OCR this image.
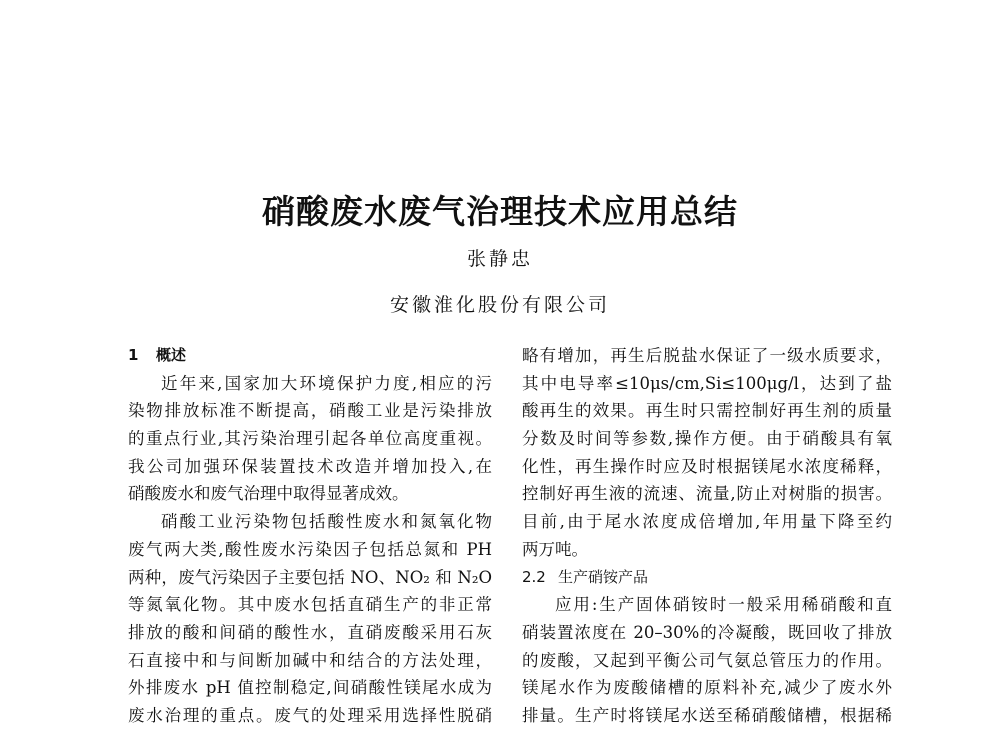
硝酸废水废气治理技术应用总结
张静忠
安徽淮化股份有限公司
1 概述
近年来,国家加大环境保护力度,相应的污
染物排放标准不断提高，硝酸工业是污染排放
的重点行业,其污染治理引起各单位高度重视。
我公司加强环保装置技术改造并增加投入,在
硝酸废水和废气治理中取得显著成效。
硝酸工业污染物包括酸性废水和氮氧化物
废气两大类,酸性废水污染因子包括总氮和 PH
两种，废气污染因子主要包括 NO、NO₂ 和 N₂O
等氮氧化物。其中废水包括直硝生产的非正常
排放的酸和间硝的酸性水，直硝废酸采用石灰
石直接中和与间断加碱中和结合的方法处理，
外排废水 pH 值控制稳定,间硝酸性镁尾水成为
废水治理的重点。废气的处理采用选择性脱硝
略有增加，再生后脱盐水保证了一级水质要求，
其中电导率≤10μs/cm,Si≤100μg/l，达到了盐
酸再生的效果。再生时只需控制好再生剂的质量
分数及时间等参数,操作方便。由于硝酸具有氧
化性，再生操作时应及时根据镁尾水浓度稀释，
控制好再生液的流速、流量,防止对树脂的损害。
目前,由于尾水浓度成倍增加,年用量下降至约
两万吨。
2.2 生产硝铵产品
应用:生产固体硝铵时一般采用稀硝酸和直
硝装置浓度在 20–30%的冷凝酸，既回收了排放
的废酸，又起到平衡公司气氨总管压力的作用。
镁尾水作为废酸储槽的原料补充,减少了废水外
排量。生产时将镁尾水送至稀硝酸储槽，根据稀
